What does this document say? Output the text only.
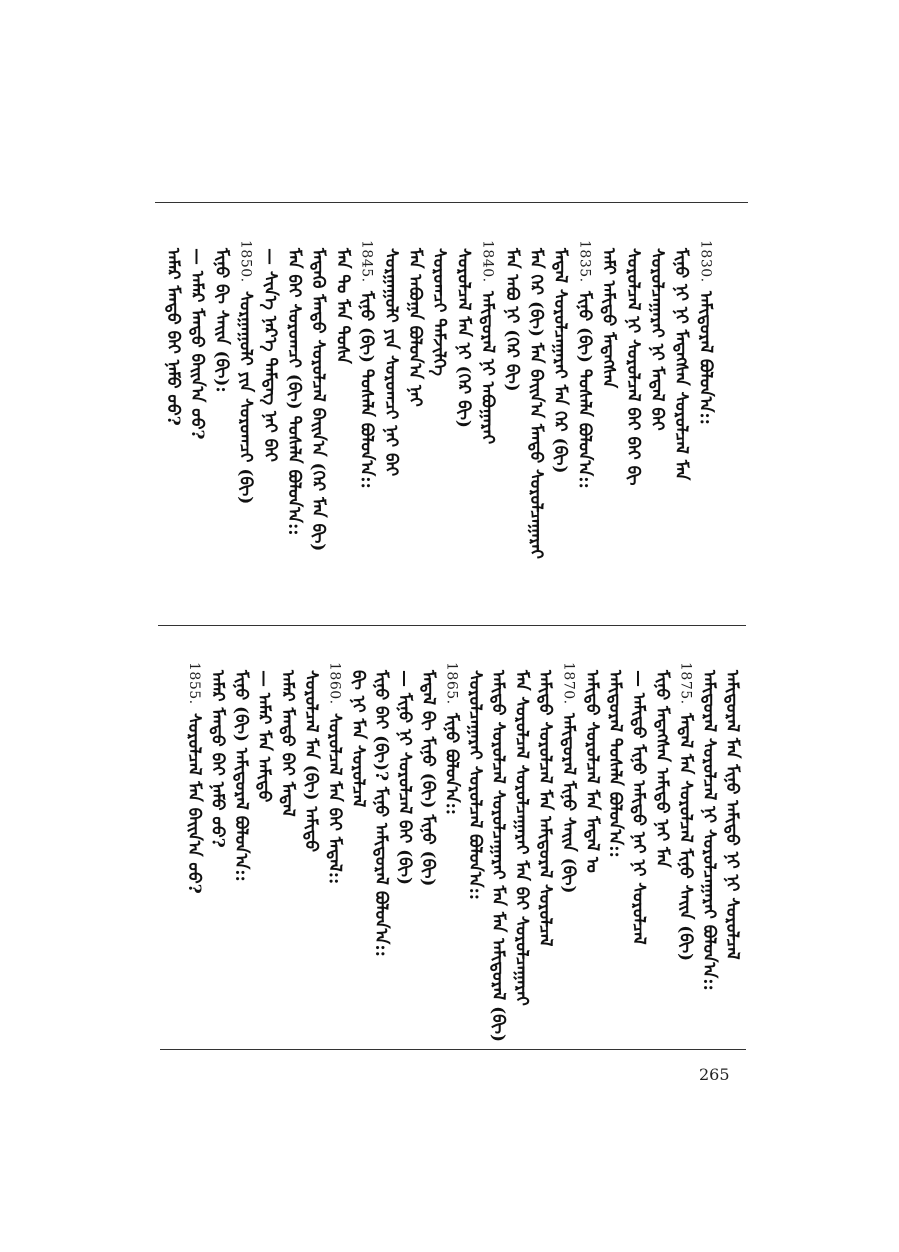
ᠠᠮᠠᠷ ᠮᠡᠨᠳᠦ ᠪᠠᠢ ᠨᠠᠮᠤ ᠤᠤ? — ᠠᠮᠠᠷ ᠮᠡᠨᠳᠦ ᠪᠠᠢᠨ᠎ᠠ ᠤᠤ? ᠮᠢᠨᠦ ᠪᠢ ᠰᠠᠢᠨ (ᠪᠢ): 1850.
ᠰᠤᠷᠭᠠᠭᠤᠯᠢ ᠶᠢᠨ ᠰᠤᠷᠤᠭᠴᠢ (ᠪᠢ) — ᠰᠢᠨ᠎ᠡ ᠨᠡᠷ᠎ᠡ ᠲᠡᠮᠳᠡᠭ ᠨᠠᠢ ᠪᠠᠢ ᠮᠠᠨ ᠪᠠᠢ ᠰᠤᠷᠤᠭᠴᠢ (ᠪᠢ) ᠲᠤᠰᠠᠯᠠ ᠪᠣᠯᠤᠨ᠎ᠠ:: ᠮᠡᠳᠡᠬᠦ ᠮᠡᠨᠳᠦ ᠰᠤᠷᠤᠯᠴᠠᠯ ᠪᠠᠢᠨ᠎ᠠ (ᠭᠡᠷ ᠮᠠᠨ ᠪᠢ) ᠮᠠᠨ ᠲᠤ ᠮᠠᠨ ᠲᠤᠰᠠ 1845.
ᠮᠢᠨᠦ (ᠪᠢ) ᠲᠤᠰᠠᠯᠠ ᠪᠣᠯᠤᠨ᠎ᠠ:: ᠰᠤᠷᠭᠠᠭᠤᠯᠢ ᠶᠢᠨ ᠰᠤᠷᠤᠭᠴᠢ ᠨᠠᠢ ᠪᠠᠢ ᠮᠠᠨ ᠠᠪᠤᠭᠠ ᠪᠣᠯᠤᠨ᠎ᠠ ᠨᠠᠢ ᠰᠤᠷᠤᠭᠴᠢ ᠳᠡᠮᠵᠢᠯᠬᠡ ᠰᠤᠷᠤᠯᠴᠠᠯ ᠮᠠᠨ ᠨᠢ (ᠭᠡᠷ ᠪᠢ) 1840.
ᠠᠮᠢᠳᠤᠷᠠᠯ ᠨᠢ ᠠᠪᠤᠭᠠᠷᠠᠢ ᠮᠠᠨ ᠠᠪᠤ ᠨᠢ (ᠭᠡᠷ ᠪᠢ) ᠮᠠᠨ ᠭᠡᠷ (ᠪᠢ) ᠮᠠᠨ ᠪᠠᠢᠨ᠎ᠠ ᠮᠡᠨᠳᠦ ᠰᠤᠷᠤᠯᠴᠠᠭᠠᠷᠠᠢ ᠮᠡᠳᠡᠯ ᠰᠤᠷᠤᠯᠴᠠᠭᠠᠷᠠᠢ ᠮᠠᠨ ᠭᠡᠷ (ᠪᠢ) 1835.
ᠮᠢᠨᠦ (ᠪᠢ) ᠲᠤᠰᠠᠯᠠ ᠪᠣᠯᠤᠨ᠎ᠠ:: ᠠᠮᠢ ᠠᠮᠢᠳᠤ ᠮᠡᠳᠡᠭᠰᠡᠨ ᠰᠤᠷᠤᠯᠴᠠᠯ ᠨᠢ ᠰᠤᠷᠤᠯᠴᠠᠯ ᠪᠠᠢ ᠪᠠᠢ ᠪᠢ ᠰᠤᠷᠤᠯᠴᠠᠭᠠᠷᠠᠢ ᠨᠢ ᠮᠡᠳᠡᠯ ᠪᠠᠢ ᠮᠢᠨᠦ ᠨᠢ ᠨᠢ ᠮᠡᠳᠡᠭᠰᠡᠨ ᠰᠤᠷᠤᠯᠴᠠᠯ ᠮᠠᠨ 1830.
ᠠᠮᠢᠳᠤᠷᠠᠯ ᠪᠣᠯᠤᠨ᠎ᠠ::
ᠠᠮᠢᠳᠤᠷᠠᠯ ᠮᠠᠨ ᠮᠢᠨᠦ ᠠᠮᠢᠳᠤ ᠨᠢ ᠨᠢ ᠰᠤᠷᠤᠯᠴᠠᠯ
ᠠᠮᠢᠳᠤᠷᠠᠯ ᠰᠤᠷᠤᠯᠴᠠᠯ ᠨᠢ ᠰᠤᠷᠤᠯᠴᠠᠭᠠᠷᠠᠢ ᠪᠣᠯᠤᠨ᠎ᠠ::
1875.
ᠮᠡᠳᠡᠯ ᠮᠠᠨ ᠰᠤᠷᠤᠯᠴᠠᠯ ᠮᠢᠨᠦ ᠰᠠᠢᠨ (ᠪᠢ)
ᠮᠢᠨᠦ ᠮᠡᠳᠡᠭᠰᠡᠨ ᠠᠮᠢᠳᠤ ᠨᠠᠢ ᠮᠠᠨ
— ᠠᠮᠢᠳᠤ ᠮᠢᠨᠦ ᠠᠮᠢᠳᠤ ᠨᠠᠢ ᠨᠢ ᠰᠤᠷᠤᠯᠴᠠᠯ
ᠠᠮᠢᠳᠤᠷᠠᠯ ᠲᠤᠰᠠᠯᠠ ᠪᠣᠯᠤᠨ᠎ᠠ::
ᠠᠮᠢᠳᠤ ᠰᠤᠷᠤᠯᠴᠠᠯ ᠮᠠᠨ ᠮᠡᠳᠡᠯ ᠤ
1870.
ᠠᠮᠢᠳᠤᠷᠠᠯ ᠮᠢᠨᠦ ᠰᠠᠢᠨ (ᠪᠢ)
ᠠᠮᠢᠳᠤ ᠰᠤᠷᠤᠯᠴᠠᠯ ᠮᠠᠨ ᠠᠮᠢᠳᠤᠷᠠᠯ ᠰᠤᠷᠤᠯᠴᠠᠯ
ᠮᠠᠨ ᠰᠤᠷᠤᠯᠴᠠᠯ ᠰᠤᠷᠤᠯᠴᠠᠭᠠᠷᠠᠢ ᠮᠠᠨ ᠪᠠᠢ ᠰᠤᠷᠤᠯᠴᠠᠭᠠᠷᠠᠢ
ᠠᠮᠢᠳᠤ ᠰᠤᠷᠤᠯᠴᠠᠯ ᠰᠤᠷᠤᠯᠴᠠᠭᠠᠷᠠᠢ ᠮᠠᠨ ᠮᠠᠨ ᠠᠮᠢᠳᠤᠷᠠᠯ (ᠪᠢ)
ᠰᠤᠷᠤᠯᠴᠠᠭᠠᠷᠠᠢ ᠰᠤᠷᠤᠯᠴᠠᠯ ᠪᠣᠯᠤᠨ᠎ᠠ::
1865.
ᠮᠢᠨᠦ ᠪᠣᠯᠤᠨ᠎ᠠ::
ᠮᠡᠳᠡᠯ ᠪᠢ ᠮᠢᠨᠦ (ᠪᠢ) ᠮᠢᠨᠦ (ᠪᠢ)
— ᠮᠢᠨᠦ ᠨᠢ ᠰᠤᠷᠤᠯᠴᠠᠯ ᠪᠠᠢ (ᠪᠢ)
ᠮᠢᠨᠦ ᠪᠠᠢ (ᠪᠢ)? ᠮᠢᠨᠦ ᠠᠮᠢᠳᠤᠷᠠᠯ ᠪᠣᠯᠤᠨ᠎ᠠ::
ᠪᠢ ᠨᠢ ᠮᠠᠨ ᠰᠤᠷᠤᠯᠴᠠᠯ
1860.
ᠰᠤᠷᠤᠯᠴᠠᠯ ᠮᠠᠨ ᠪᠠᠢ ᠮᠡᠳᠡᠯ::
ᠰᠤᠷᠤᠯᠴᠠᠯ ᠮᠠᠨ (ᠪᠢ) ᠠᠮᠢᠳᠤ
ᠠᠮᠠᠷ ᠮᠡᠨᠳᠦ ᠪᠠᠢ ᠮᠡᠳᠡᠯ
— ᠠᠮᠠᠷ ᠮᠠᠨ ᠠᠮᠢᠳᠤ
ᠮᠢᠨᠦ (ᠪᠢ) ᠠᠮᠢᠳᠤᠷᠠᠯ ᠪᠣᠯᠤᠨ᠎ᠠ::
ᠠᠮᠠᠷ ᠮᠡᠨᠳᠦ ᠪᠠᠢ ᠨᠠᠮᠤ ᠤᠤ?
1855.
ᠰᠤᠷᠤᠯᠴᠠᠯ ᠮᠠᠨ ᠪᠠᠢᠨ᠎ᠠ ᠤᠤ?
265
